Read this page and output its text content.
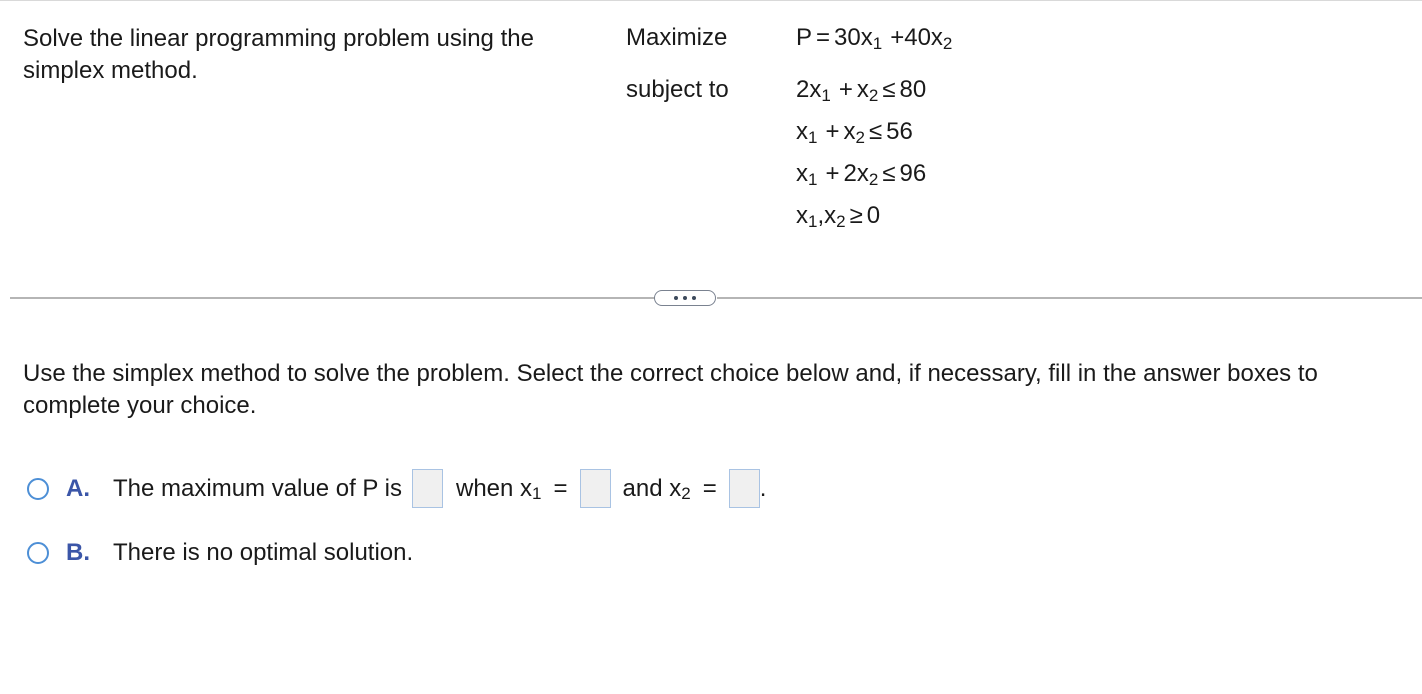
Solve the linear programming problem using the simplex method.
Maximize
subject to
$P = 30x_1 +40x_2$
$2x_1 + x_2 \le 80$
$x_1 + x_2 \le 56$
$x_1 + 2x_2 \le 96$
$x_1,x_2 \ge 0$
Use the simplex method to solve the problem. Select the correct choice below and, if necessary, fill in the answer boxes to complete your choice.
A. The maximum value of P is when $x_1$ = and $x_2$ = .
B. There is no optimal solution.
